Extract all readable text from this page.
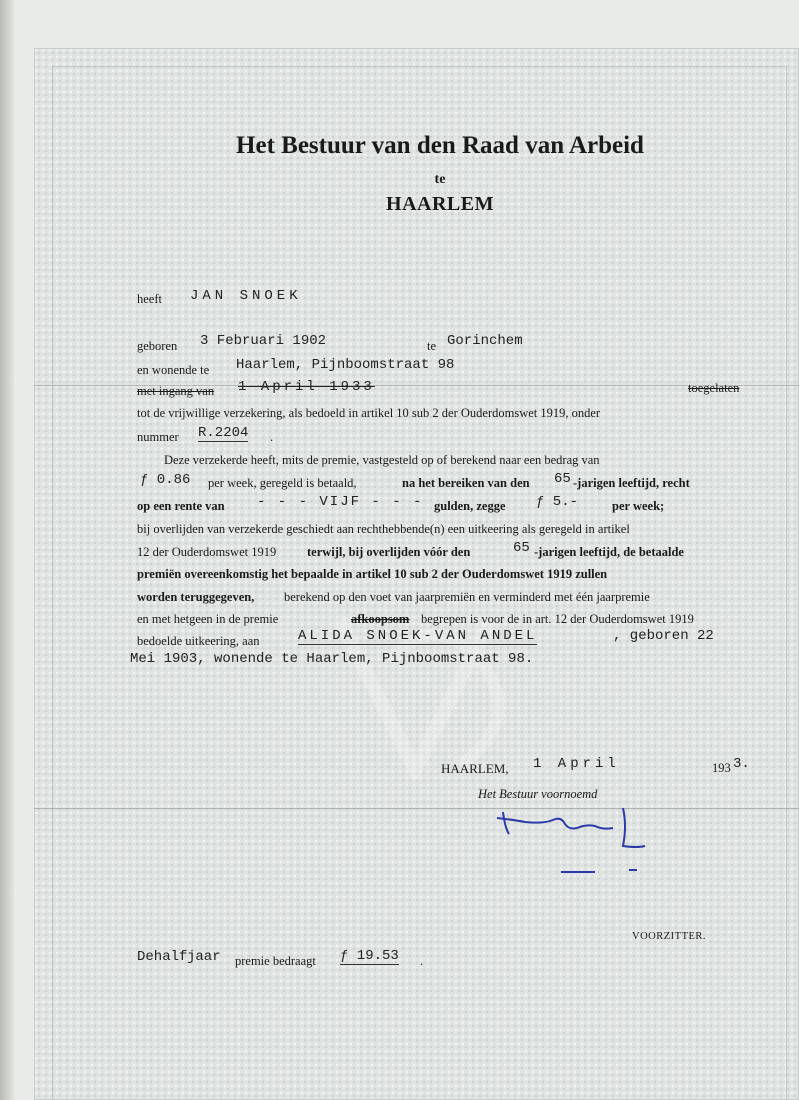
Het Bestuur van den Raad van Arbeid
te
HAARLEM
heeft JAN SNOEK
geboren 3 Februari 1902	te Gorinchem
en wonende te Haarlem, Pijnboomstraat 98
met ingang van 1 April 1933	toegelaten
tot de vrijwillige verzekering, als bedoeld in artikel 10 sub 2 der Ouderdomswet 1919, onder
nummer R.2204 .
Deze verzekerde heeft, mits de premie, vastgesteld op of berekend naar een bedrag van
ƒ 0.86 per week, geregeld is betaald,	na het bereiken van den 65 -jarigen leeftijd, recht
op een rente van - - - VIJF - - - gulden, zegge ƒ 5.-	per week;
bij overlijden van verzekerde geschiedt aan rechthebbende(n) een uitkeering als geregeld in artikel
12 der Ouderdomswet 1919 terwijl, bij overlijden vóór den	65 -jarigen leeftijd, de betaalde
premiën overeenkomstig het bepaalde in artikel 10 sub 2 der Ouderdomswet 1919 zullen
worden teruggegeven, berekend op den voet van jaarpremiën en verminderd met één jaarpremie
en met hetgeen in de premie	afkoopsom begrepen is voor de in art. 12 der Ouderdomswet 1919
bedoelde uitkeering, aan	ALIDA SNOEK-VAN ANDEL	, geboren 22
Mei 1903, wonende te Haarlem, Pijnboomstraat 98.
HAARLEM, 1 April	193 3.
Het Bestuur voornoemd
VOORZITTER.
Dehalf jaar premie bedraagt ƒ 19.53 .
